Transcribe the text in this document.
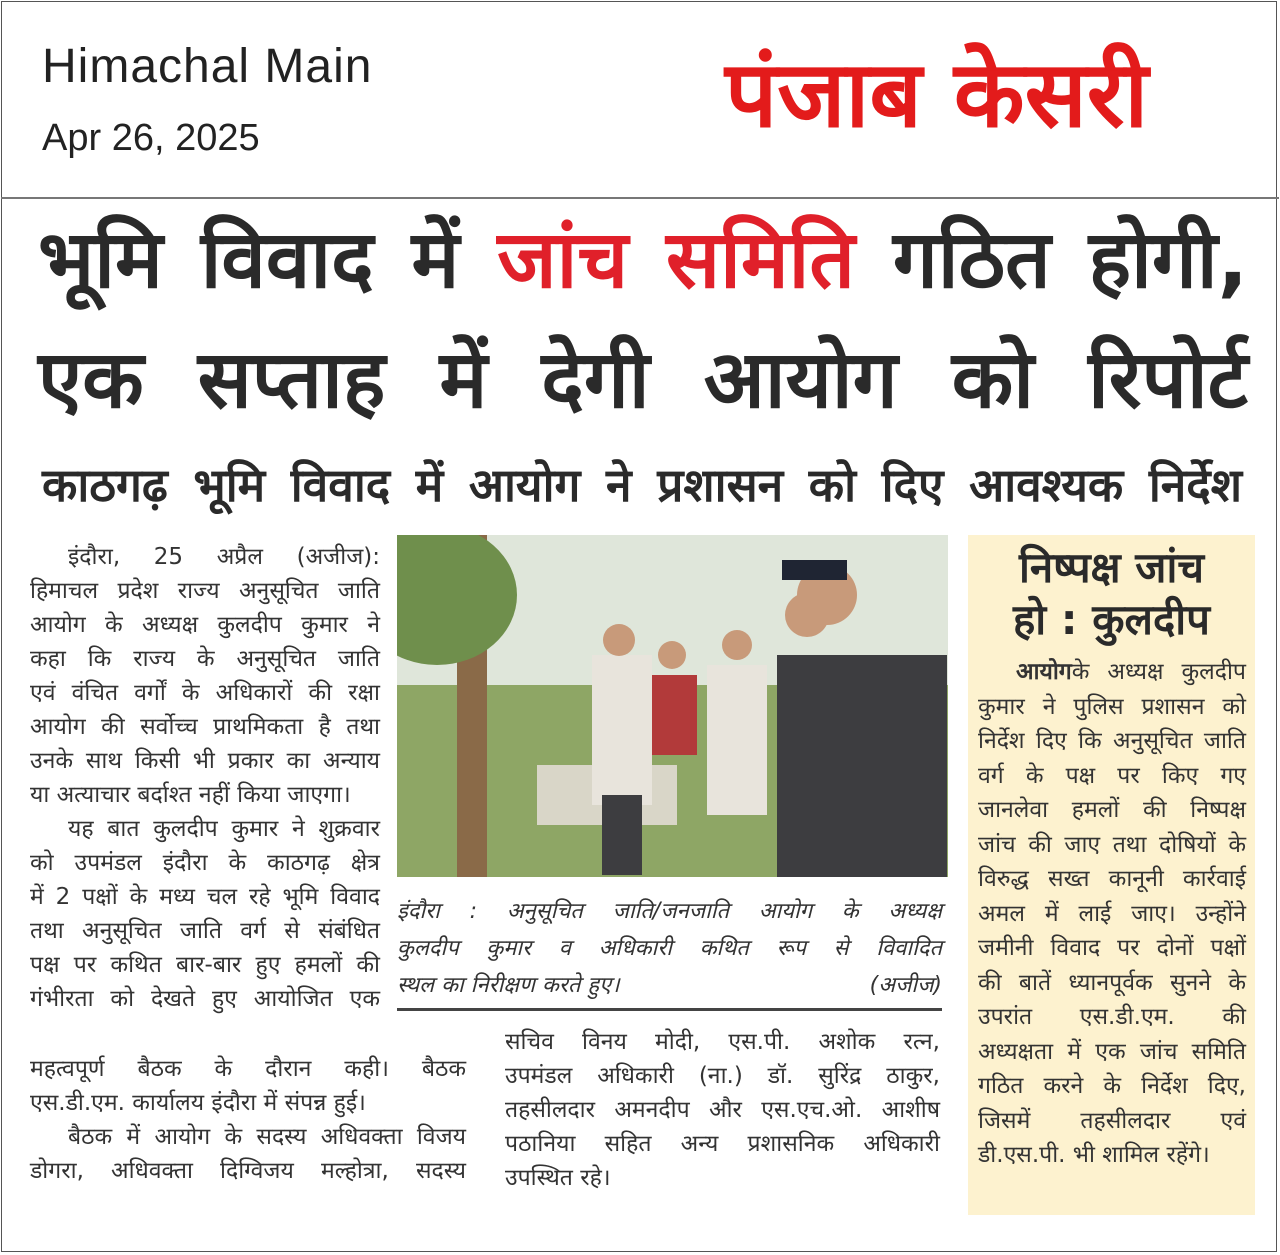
Himachal Main
Apr 26, 2025	पंजाब केसरी
भूमि विवाद में जांच समिति गठित होगी,
एक सप्ताह में देगी आयोग को रिपोर्ट
काठगढ़ भूमि विवाद में आयोग ने प्रशासन को दिए आवश्यक निर्देश
इंदौरा, 25 अप्रैल (अजीज):
हिमाचल प्रदेश राज्य अनुसूचित जाति
आयोग के अध्यक्ष कुलदीप कुमार ने
कहा कि राज्य के अनुसूचित जाति
एवं वंचित वर्गों के अधिकारों की रक्षा
आयोग की सर्वोच्च प्राथमिकता है तथा
उनके साथ किसी भी प्रकार का अन्याय
या अत्याचार बर्दाश्त नहीं किया जाएगा।
यह बात कुलदीप कुमार ने शुक्रवार
को उपमंडल इंदौरा के काठगढ़ क्षेत्र
में 2 पक्षों के मध्य चल रहे भूमि विवाद
तथा अनुसूचित जाति वर्ग से संबंधित
पक्ष पर कथित बार-बार हुए हमलों की
गंभीरता को देखते हुए आयोजित एक
महत्वपूर्ण बैठक के दौरान कही। बैठक
एस.डी.एम. कार्यालय इंदौरा में संपन्न हुई।
बैठक में आयोग के सदस्य अधिवक्ता विजय
डोगरा, अधिवक्ता दिग्विजय मल्होत्रा, सदस्य
सचिव विनय मोदी, एस.पी. अशोक रत्न,
उपमंडल अधिकारी (ना.) डॉ. सुरिंद्र ठाकुर,
तहसीलदार अमनदीप और एस.एच.ओ. आशीष
पठानिया सहित अन्य प्रशासनिक अधिकारी
उपस्थित रहे।
इंदौरा : अनुसूचित जाति/जनजाति आयोग के अध्यक्ष
कुलदीप कुमार व अधिकारी कथित रूप से विवादित
स्थल का निरीक्षण करते हुए।	(अजीज)
निष्पक्ष जांच
हो : कुलदीप
आयोगके अध्यक्ष कुलदीप
कुमार ने पुलिस प्रशासन को
निर्देश दिए कि अनुसूचित जाति
वर्ग के पक्ष पर किए गए
जानलेवा हमलों की निष्पक्ष
जांच की जाए तथा दोषियों के
विरुद्ध सख्त कानूनी कार्रवाई
अमल में लाई जाए। उन्होंने
जमीनी विवाद पर दोनों पक्षों
की बातें ध्यानपूर्वक सुनने के
उपरांत एस.डी.एम. की
अध्यक्षता में एक जांच समिति
गठित करने के निर्देश दिए,
जिसमें तहसीलदार एवं
डी.एस.पी. भी शामिल रहेंगे।
